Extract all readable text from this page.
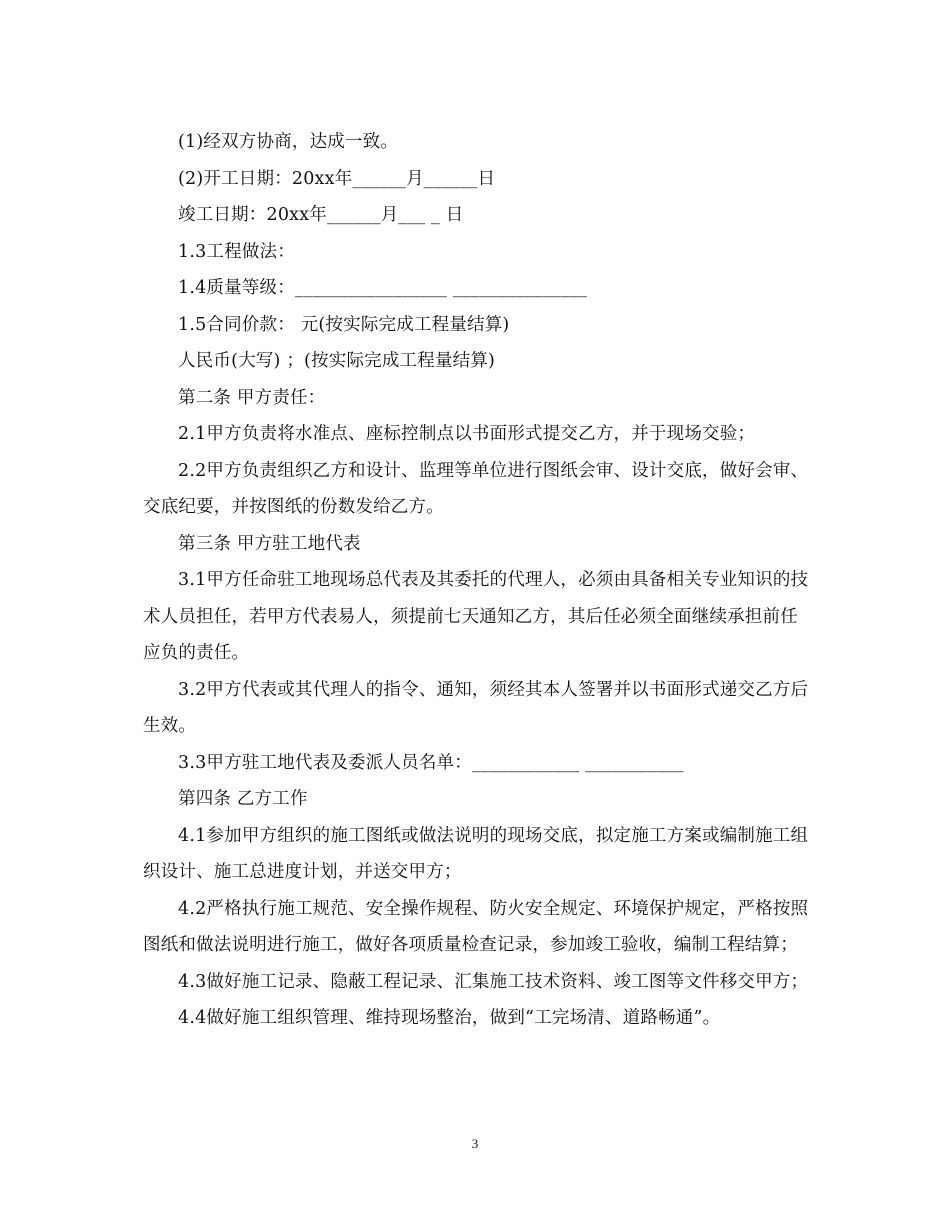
(1)经双方协商，达成一致。

(2)开工日期：20xx年______月______日

竣工日期：20xx年______月___ _ 日

1.3工程做法：

1.4质量等级：_________________ _______________

1.5合同价款： 元(按实际完成工程量结算)

人民币(大写) ；(按实际完成工程量结算)

第二条 甲方责任：

2.1甲方负责将水准点、座标控制点以书面形式提交乙方，并于现场交验；

2.2甲方负责组织乙方和设计、监理等单位进行图纸会审、设计交底，做好会审、交底纪要，并按图纸的份数发给乙方。

第三条 甲方驻工地代表

3.1甲方任命驻工地现场总代表及其委托的代理人，必须由具备相关专业知识的技术人员担任，若甲方代表易人，须提前七天通知乙方，其后任必须全面继续承担前任应负的责任。

3.2甲方代表或其代理人的指令、通知，须经其本人签署并以书面形式递交乙方后生效。

3.3甲方驻工地代表及委派人员名单：____________ ___________

第四条 乙方工作

4.1参加甲方组织的施工图纸或做法说明的现场交底，拟定施工方案或编制施工组织设计、施工总进度计划，并送交甲方；

4.2严格执行施工规范、安全操作规程、防火安全规定、环境保护规定，严格按照图纸和做法说明进行施工，做好各项质量检查记录，参加竣工验收，编制工程结算；

4.3做好施工记录、隐蔽工程记录、汇集施工技术资料、竣工图等文件移交甲方；

4.4做好施工组织管理、维持现场整治，做到“工完场清、道路畅通”。

3
